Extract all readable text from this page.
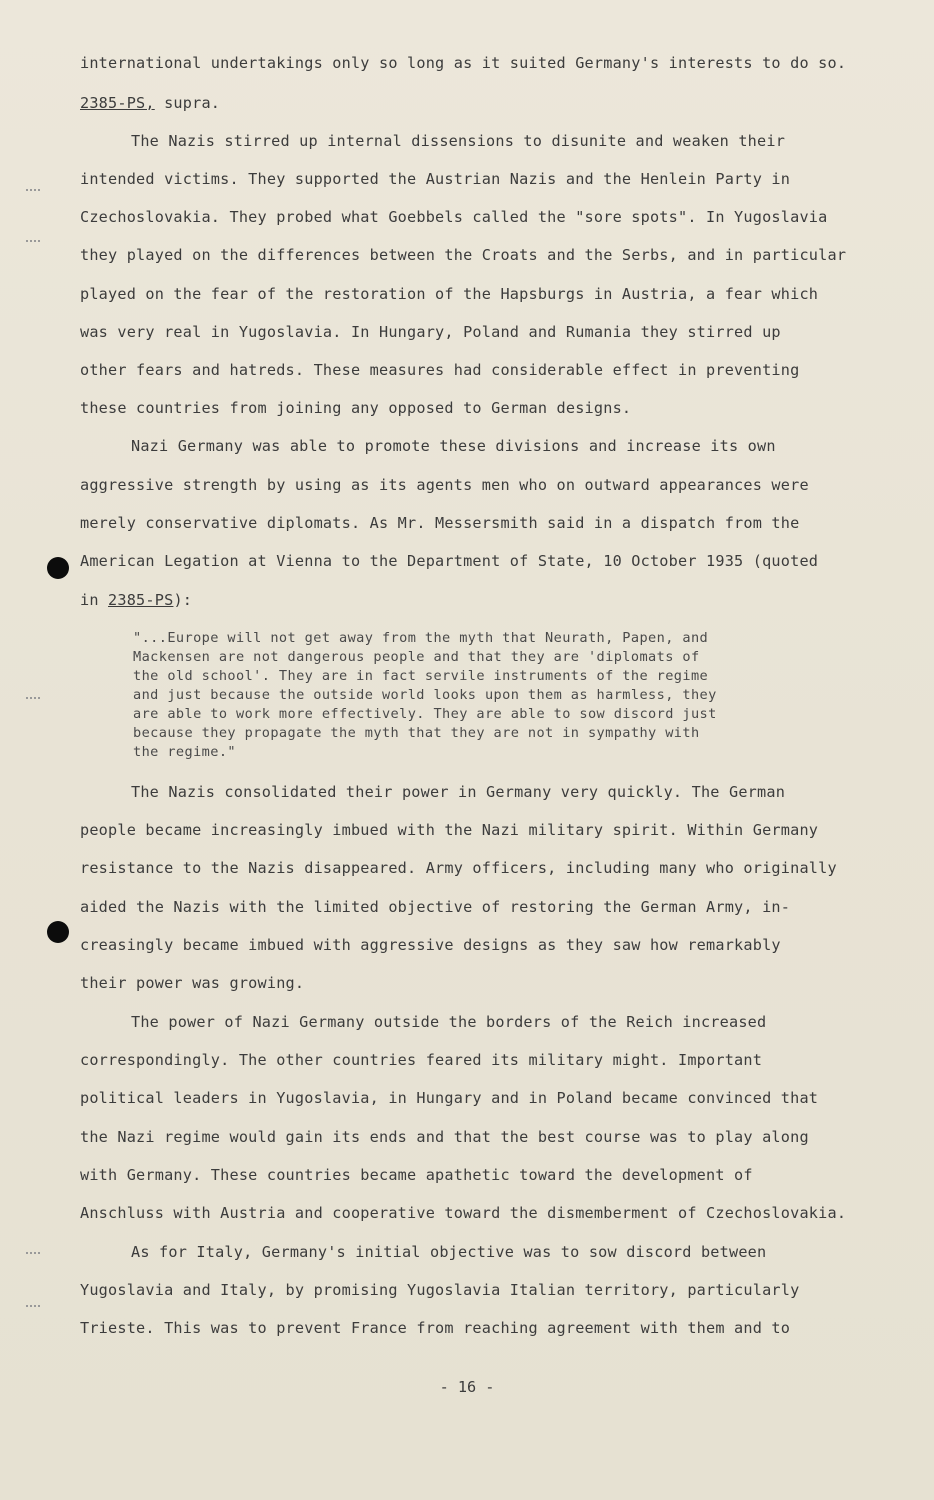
international undertakings only so long as it suited Germany's interests to do so.
2385-PS, supra.
The Nazis stirred up internal dissensions to disunite and weaken their
intended victims. They supported the Austrian Nazis and the Henlein Party in
Czechoslovakia. They probed what Goebbels called the "sore spots". In Yugoslavia
they played on the differences between the Croats and the Serbs, and in particular
played on the fear of the restoration of the Hapsburgs in Austria, a fear which
was very real in Yugoslavia. In Hungary, Poland and Rumania they stirred up
other fears and hatreds. These measures had considerable effect in preventing
these countries from joining any opposed to German designs.
Nazi Germany was able to promote these divisions and increase its own
aggressive strength by using as its agents men who on outward appearances were
merely conservative diplomats. As Mr. Messersmith said in a dispatch from the
American Legation at Vienna to the Department of State, 10 October 1935 (quoted
in 2385-PS):
"...Europe will not get away from the myth that Neurath, Papen, and
Mackensen are not dangerous people and that they are 'diplomats of
the old school'. They are in fact servile instruments of the regime
and just because the outside world looks upon them as harmless, they
are able to work more effectively. They are able to sow discord just
because they propagate the myth that they are not in sympathy with
the regime."
The Nazis consolidated their power in Germany very quickly. The German
people became increasingly imbued with the Nazi military spirit. Within Germany
resistance to the Nazis disappeared. Army officers, including many who originally
aided the Nazis with the limited objective of restoring the German Army, in-
creasingly became imbued with aggressive designs as they saw how remarkably
their power was growing.
The power of Nazi Germany outside the borders of the Reich increased
correspondingly. The other countries feared its military might. Important
political leaders in Yugoslavia, in Hungary and in Poland became convinced that
the Nazi regime would gain its ends and that the best course was to play along
with Germany. These countries became apathetic toward the development of
Anschluss with Austria and cooperative toward the dismemberment of Czechoslovakia.
As for Italy, Germany's initial objective was to sow discord between
Yugoslavia and Italy, by promising Yugoslavia Italian territory, particularly
Trieste. This was to prevent France from reaching agreement with them and to
- 16 -
